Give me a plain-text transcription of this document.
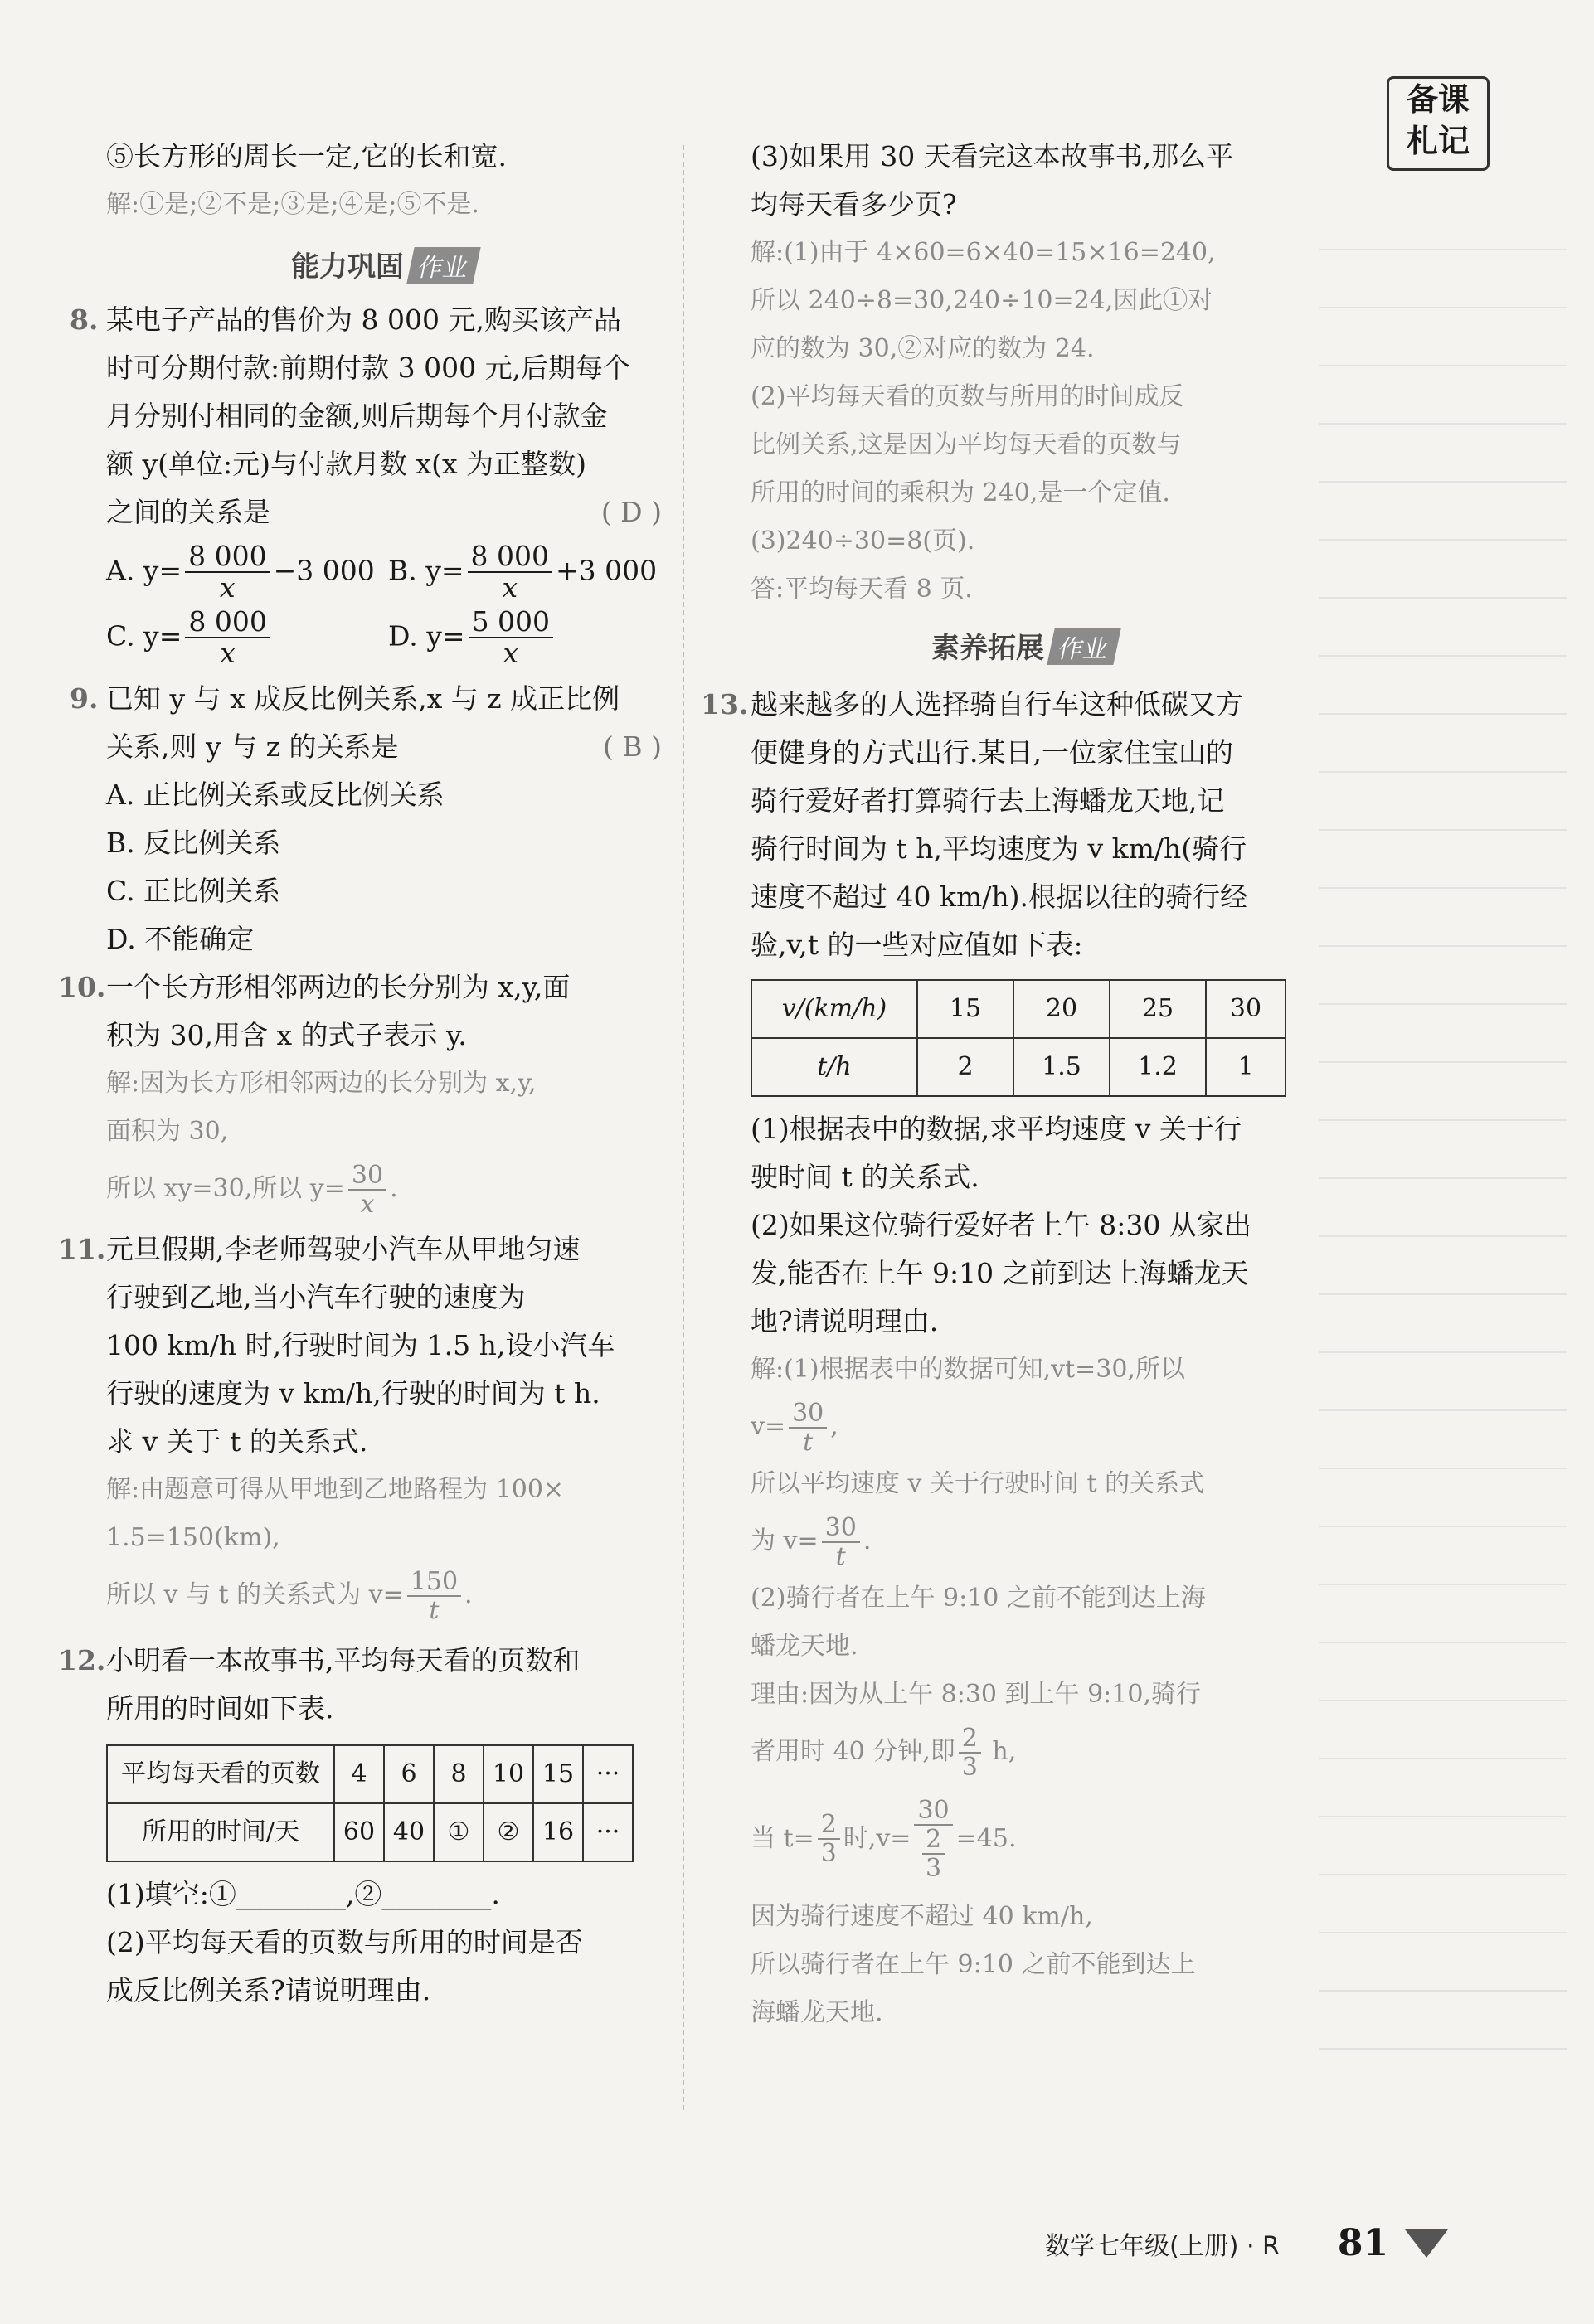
备课
札记
⑤长方形的周长一定,它的长和宽.
解:①是;②不是;③是;④是;⑤不是.
能力巩固 作业
8. 某电子产品的售价为 8 000 元,购买该产品
时可分期付款:前期付款 3 000 元,后期每个
月分别付相同的金额,则后期每个月付款金
额 y(单位:元)与付款月数 x(x 为正整数)
之间的关系是	( D )
A. $y= \frac{8 000}{x} -3$ 000 B. $y= \frac{8 000}{x} +3$ 000
C. $y= \frac{8 000}{x}$	D. $y= \frac{5 000}{x}$
9. 已知 y 与 x 成反比例关系,x 与 z 成正比例
关系,则 y 与 z 的关系是	( B )
A. 正比例关系或反比例关系
B. 反比例关系
C. 正比例关系
D. 不能确定
10. 一个长方形相邻两边的长分别为 x,y,面
积为 30,用含 x 的式子表示 y.
解:因为长方形相邻两边的长分别为 x,y,
面积为 30,
所以 xy=30,所以 $y= \frac{30}{x}$ .
11. 元旦假期,李老师驾驶小汽车从甲地匀速
行驶到乙地,当小汽车行驶的速度为
100 km/h 时,行驶时间为 1.5 h,设小汽车
行驶的速度为 v km/h,行驶的时间为 t h.
求 v 关于 t 的关系式.
解:由题意可得从甲地到乙地路程为 100×
1.5=150(km),
所以 v 与 t 的关系式为 $v= \frac{150}{t}$ .
12. 小明看一本故事书,平均每天看的页数和
所用的时间如下表.
平均每天看的页数	4	6	8	10	15	···
所用的时间/天	60	40	①	②	16	···
(1)填空:①________,②________.
(2)平均每天看的页数与所用的时间是否
成反比例关系?请说明理由.
(3)如果用 30 天看完这本故事书,那么平
均每天看多少页?
解:(1)由于 4×60=6×40=15×16=240,
所以 240÷8=30,240÷10=24,因此①对
应的数为 30,②对应的数为 24.
(2)平均每天看的页数与所用的时间成反
比例关系,这是因为平均每天看的页数与
所用的时间的乘积为 240,是一个定值.
(3)240÷30=8(页).
答:平均每天看 8 页.
素养拓展 作业
13. 越来越多的人选择骑自行车这种低碳又方
便健身的方式出行.某日,一位家住宝山的
骑行爱好者打算骑行去上海蟠龙天地,记
骑行时间为 t h,平均速度为 v km/h(骑行
速度不超过 40 km/h).根据以往的骑行经
验,v,t 的一些对应值如下表:
v/(km/h)	15	20	25	30
t/h	2	1.5	1.2	1
(1)根据表中的数据,求平均速度 v 关于行
驶时间 t 的关系式.
(2)如果这位骑行爱好者上午 8:30 从家出
发,能否在上午 9:10 之前到达上海蟠龙天
地?请说明理由.
解:(1)根据表中的数据可知,vt=30,所以
$v= \frac{30}{t}$ ,
所以平均速度 v 关于行驶时间 t 的关系式
为 $v= \frac{30}{t}$ .
(2)骑行者在上午 9:10 之前不能到达上海
蟠龙天地.
理由:因为从上午 8:30 到上午 9:10,骑行
者用时 40 分钟,即 $\frac{2}{3} h$,
当 $t= \frac{2}{3}$ 时,v= 30
2
3 =45.
因为骑行速度不超过 40 km/h,
所以骑行者在上午 9:10 之前不能到达上
海蟠龙天地.
数学七年级(上册) · R 81
